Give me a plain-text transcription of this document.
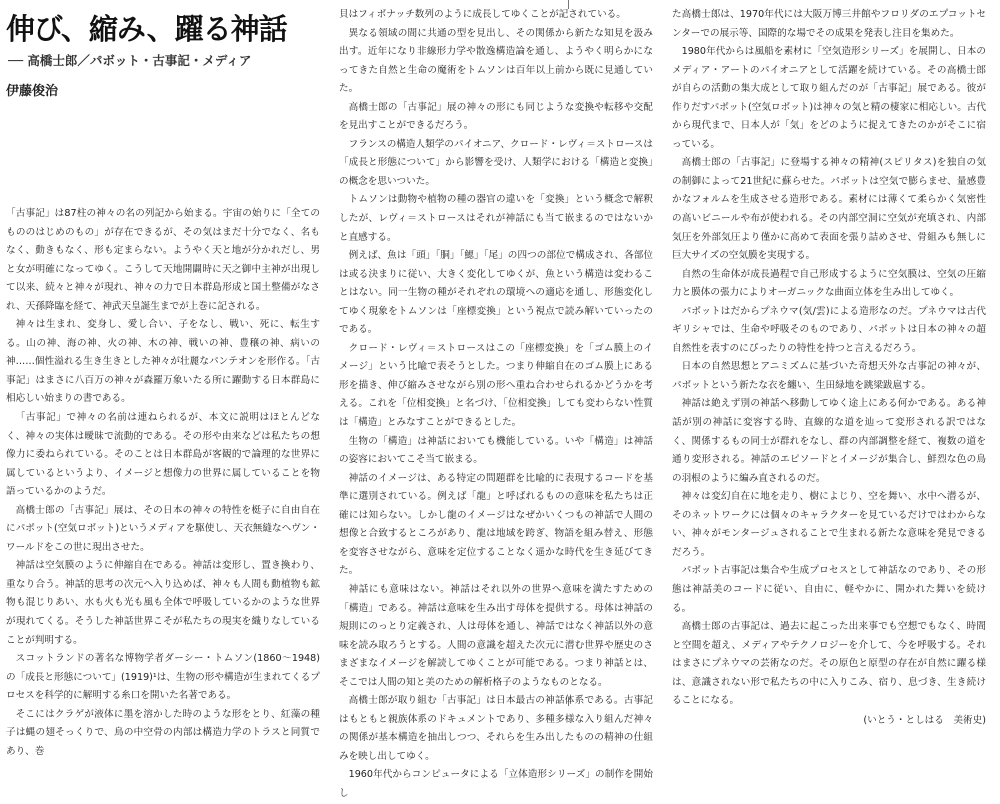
伸び、縮み、躍る神話
── 高橋士郎／パボット・古事記・メディア
伊藤俊治

「古事記」は87柱の神々の名の列記から始まる。宇宙の始りに「全てのもののはじめのもの」が存在できるが、その気はまだ十分でなく、名もなく、動きもなく、形も定まらない。ようやく天と地が分かれだし、男と女が明確になってゆく。こうして天地開闢時に天之御中主神が出現して以来、続々と神々が現れ、神々の力で日本群島形成と国土整備がなされ、天孫降臨を経て、神武天皇誕生までが上巻に記される。

神々は生まれ、変身し、愛し合い、子をなし、戦い、死に、転生する。山の神、海の神、火の神、木の神、戦いの神、豊穣の神、病いの神……個性溢れる生き生きとした神々が壮麗なパンテオンを形作る。「古事記」はまさに八百万の神々が森羅万象いたる所に躍動する日本群島に相応しい始まりの書である。

「古事記」で神々の名前は連ねられるが、本文に説明はほとんどなく、神々の実体は曖昧で流動的である。その形や由来などは私たちの想像力に委ねられている。そのことは日本群島が客観的で論理的な世界に属しているというより、イメージと想像力の世界に属していることを物語っているかのようだ。

高橋士郎の「古事記」展は、その日本の神々の特性を梃子に自由自在にパボット(空気ロボット)というメディアを駆使し、天衣無縫なヘヴン・ワールドをこの世に現出させた。

神話は空気膜のように伸縮自在である。神話は変形し、置き換わり、重なり合う。神話的思考の次元へ入り込めば、神々も人間も動植物も鉱物も混じりあい、水も火も光も風も全体で呼吸しているかのような世界が現れてくる。そうした神話世界こそが私たちの現実を織りなしていることが判明する。

スコットランドの著名な博物学者ダーシー・トムソン(1860〜1948)の「成長と形態について」(1919)¹は、生物の形や構造が生まれてくるプロセスを科学的に解明する糸口を開いた名著である。

そこにはクラゲが液体に墨を溶かした時のような形をとり、紅藻の種子は蝿の翅そっくりで、鳥の中空骨の内部は構造力学のトラスと同質であり、巻

貝はフィボナッチ数列のように成長してゆくことが記されている。

異なる領域の間に共通の型を見出し、その関係から新たな知見を汲み出す。近年になり非線形力学や散逸構造論を通し、ようやく明らかになってきた自然と生命の魔術をトムソンは百年以上前から既に見通していた。

高橋士郎の「古事記」展の神々の形にも同じような変換や転移や交配を見出すことができるだろう。

フランスの構造人類学のパイオニア、クロード・レヴィ＝ストロースは「成長と形態について」から影響を受け、人類学における「構造と変換」の概念を思いついた。

トムソンは動物や植物の種の器官の違いを「変換」という概念で解釈したが、レヴィ＝ストロースはそれが神話にも当て嵌まるのではないかと直感する。

例えば、魚は「頭」「胴」「鰓」「尾」の四つの部位で構成され、各部位は或る決まりに従い、大きく変化してゆくが、魚という構造は変わることはない。同一生物の種がそれぞれの環境への適応を通し、形態変化してゆく現象をトムソンは「座標変換」という視点で読み解いていったのである。

クロード・レヴィ＝ストロースはこの「座標変換」を「ゴム膜上のイメージ」という比喩で表そうとした。つまり伸縮自在のゴム膜上にある形を描き、伸び縮みさせながら別の形へ重ね合わせられるかどうかを考える。これを「位相変換」と名づけ、「位相変換」しても変わらない性質は「構造」とみなすことができるとした。

生物の「構造」は神話においても機能している。いや「構造」は神話の姿容においてこそ当て嵌まる。

神話のイメージは、ある特定の問題群を比喩的に表現するコードを基準に選別されている。例えば「龍」と呼ばれるものの意味を私たちは正確には知らない。しかし龍のイメージはなぜかいくつもの神話で人間の想像と合致するところがあり、龍は地域を跨ぎ、物語を組み替え、形態を変容させながら、意味を定位することなく遥かな時代を生き延びてきた。

神話にも意味はない。神話はそれ以外の世界へ意味を満たすための「構造」である。神話は意味を生み出す母体を提供する。母体は神話の規則にのっとり定義され、人は母体を通し、神話ではなく神話以外の意味を読み取ろうとする。人間の意識を超えた次元に潜む世界や歴史のさまざまなイメージを解読してゆくことが可能である。つまり神話とは、そこでは人間の知と美のための解析格子のようなものとなる。

高橋士郎が取り組む「古事記」は日本最古の神話体系である。古事記はもともと親族体系のドキュメントであり、多種多様な入り組んだ神々の関係が基本構造を抽出しつつ、それらを生み出したものの精神の仕組みを映し出してゆく。

1960年代からコンピュータによる「立体造形シリーズ」の制作を開始し

た高橋士郎は、1970年代には大阪万博三井館やフロリダのエプコットセンターでの展示等、国際的な場でその成果を発表し注目を集めた。

1980年代からは風船を素材に「空気造形シリーズ」を展開し、日本のメディア・アートのパイオニアとして活躍を続けている。その高橋士郎が自らの活動の集大成として取り組んだのが「古事記」展である。彼が作りだすパボット(空気ロボット)は神々の気と精の棲家に相応しい。古代から現代まで、日本人が「気」をどのように捉えてきたのかがそこに宿っている。

高橋士郎の「古事記」に登場する神々の精神(スピリタス)を独自の気の制御によって21世紀に蘇らせた。パボットは空気で膨らませ、量感豊かなフォルムを生成させる造形である。素材には薄くて柔らかく気密性の高いビニールや布が使われる。その内部空洞に空気が充填され、内部気圧を外部気圧より僅かに高めて表面を張り詰めさせ、骨組みも無しに巨大サイズの空気膜を実現する。

自然の生命体が成長過程で自己形成するように空気膜は、空気の圧縮力と膜体の張力によりオーガニックな曲面立体を生み出してゆく。

パボットはだからプネウマ(気/雲)による造形なのだ。プネウマは古代ギリシャでは、生命や呼吸そのものであり、パボットは日本の神々の超自然性を表すのにぴったりの特性を持つと言えるだろう。

日本の自然思想とアニミズムに基づいた奇想天外な古事記の神々が、パボットという新たな衣を纏い、生田緑地を跳梁跋扈する。

神話は絶えず別の神話へ移動してゆく途上にある何かである。ある神話が別の神話に変容する時、直線的な道を辿って変形される訳ではなく、関係するもの同士が群れをなし、群の内部調整を経て、複数の道を通り変形される。神話のエピソードとイメージが集合し、鮮烈な色の鳥の羽根のように編み直されるのだ。

神々は変幻自在に地を走り、樹によじり、空を舞い、水中へ潜るが、そのネットワークには個々のキャラクターを見ているだけではわからない、神々がモンタージュされることで生まれる新たな意味を発見できるだろう。

パボット古事記は集合や生成プロセスとして神話なのであり、その形態は神話美のコードに従い、自由に、軽やかに、開かれた舞いを続ける。

高橋士郎の古事記は、過去に起こった出来事でも空想でもなく、時間と空間を超え、メディアやテクノロジーを介して、今を呼吸する。それはまさにプネウマの芸術なのだ。その原色と原型の存在が自然に躍る様は、意識されない形で私たちの中に入りこみ、宿り、息づき、生き続けることになる。

(いとう・としはる　美術史)
